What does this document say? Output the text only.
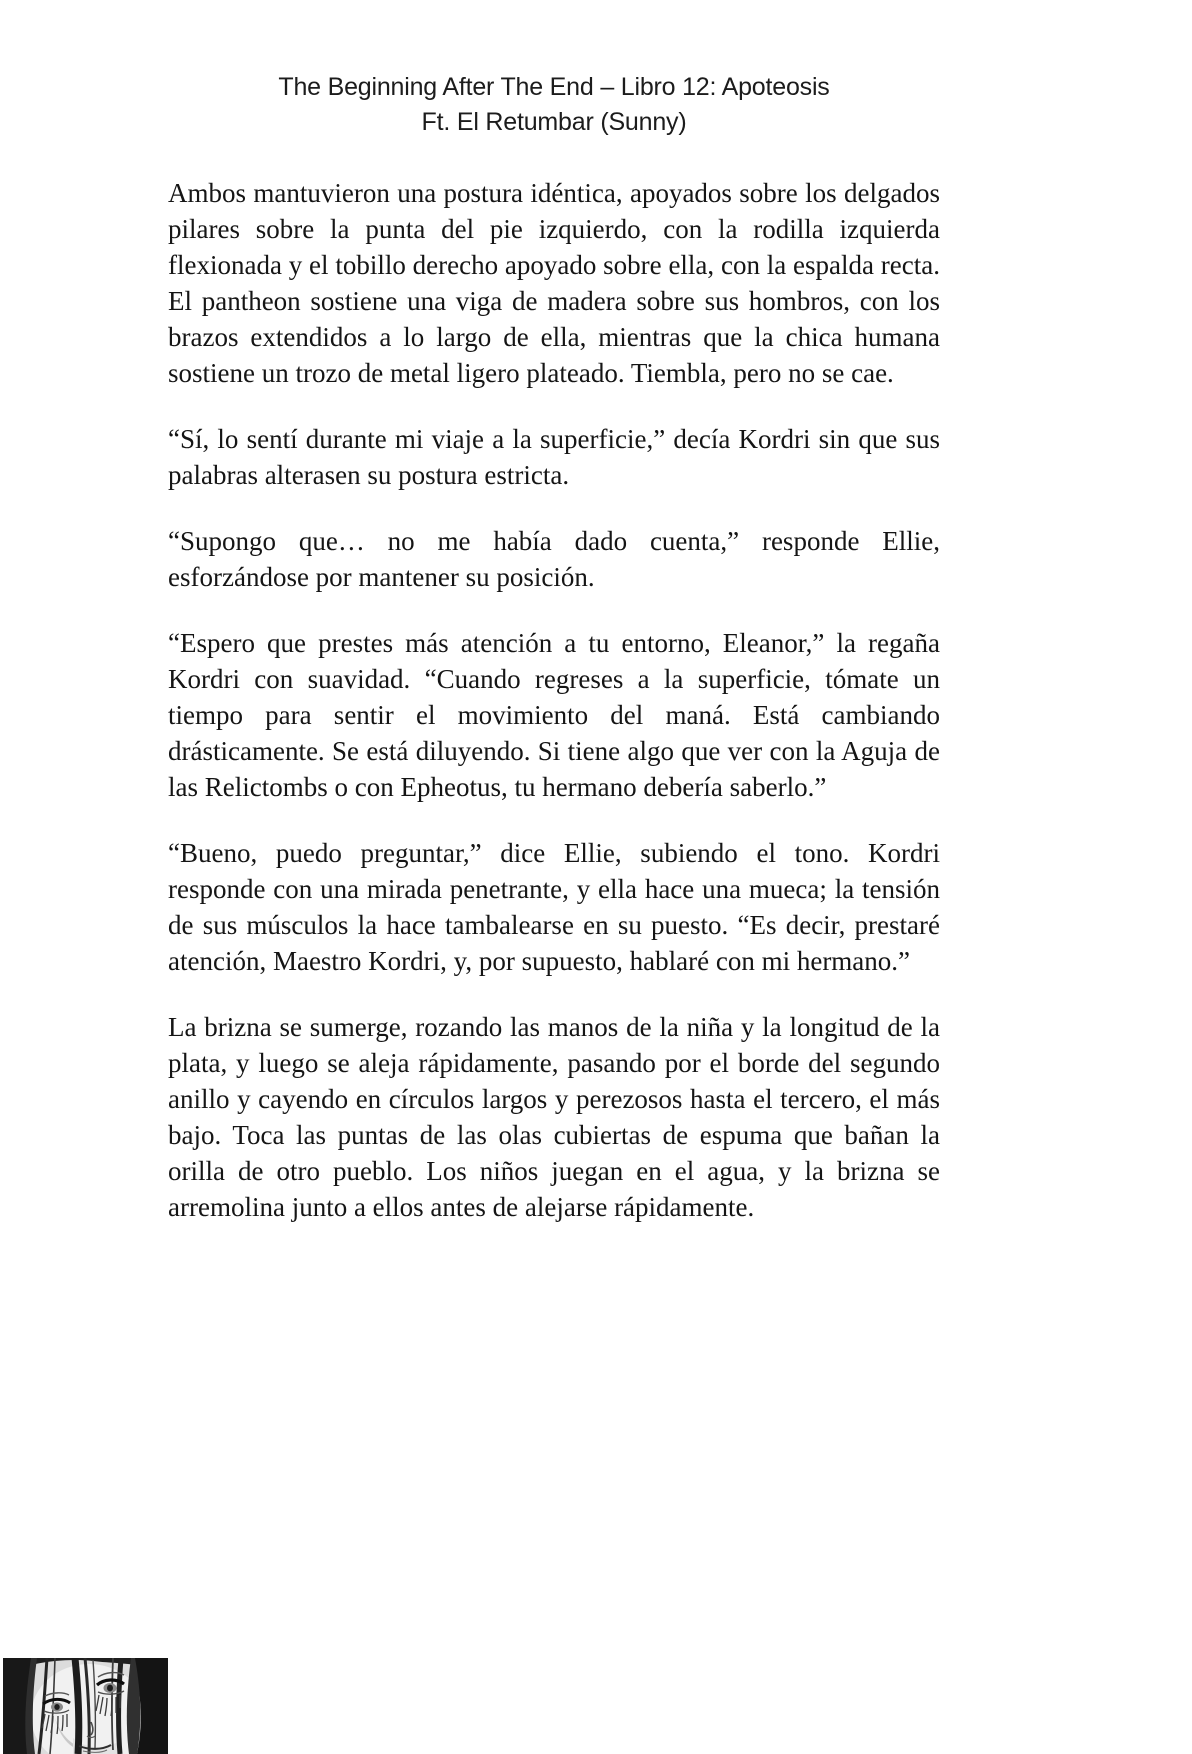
The Beginning After The End – Libro 12: Apoteosis
Ft. El Retumbar (Sunny)

Ambos mantuvieron una postura idéntica, apoyados sobre los delgados pilares sobre la punta del pie izquierdo, con la rodilla izquierda flexionada y el tobillo derecho apoyado sobre ella, con la espalda recta. El pantheon sostiene una viga de madera sobre sus hombros, con los brazos extendidos a lo largo de ella, mientras que la chica humana sostiene un trozo de metal ligero plateado. Tiembla, pero no se cae.

“Sí, lo sentí durante mi viaje a la superficie,” decía Kordri sin que sus palabras alterasen su postura estricta.

“Supongo que… no me había dado cuenta,” responde Ellie, esforzándose por mantener su posición.

“Espero que prestes más atención a tu entorno, Eleanor,” la regaña Kordri con suavidad. “Cuando regreses a la superficie, tómate un tiempo para sentir el movimiento del maná. Está cambiando drásticamente. Se está diluyendo. Si tiene algo que ver con la Aguja de las Relictombs o con Epheotus, tu hermano debería saberlo.”

“Bueno, puedo preguntar,” dice Ellie, subiendo el tono. Kordri responde con una mirada penetrante, y ella hace una mueca; la tensión de sus músculos la hace tambalearse en su puesto. “Es decir, prestaré atención, Maestro Kordri, y, por supuesto, hablaré con mi hermano.”

La brizna se sumerge, rozando las manos de la niña y la longitud de la plata, y luego se aleja rápidamente, pasando por el borde del segundo anillo y cayendo en círculos largos y perezosos hasta el tercero, el más bajo. Toca las puntas de las olas cubiertas de espuma que bañan la orilla de otro pueblo. Los niños juegan en el agua, y la brizna se arremolina junto a ellos antes de alejarse rápidamente.
